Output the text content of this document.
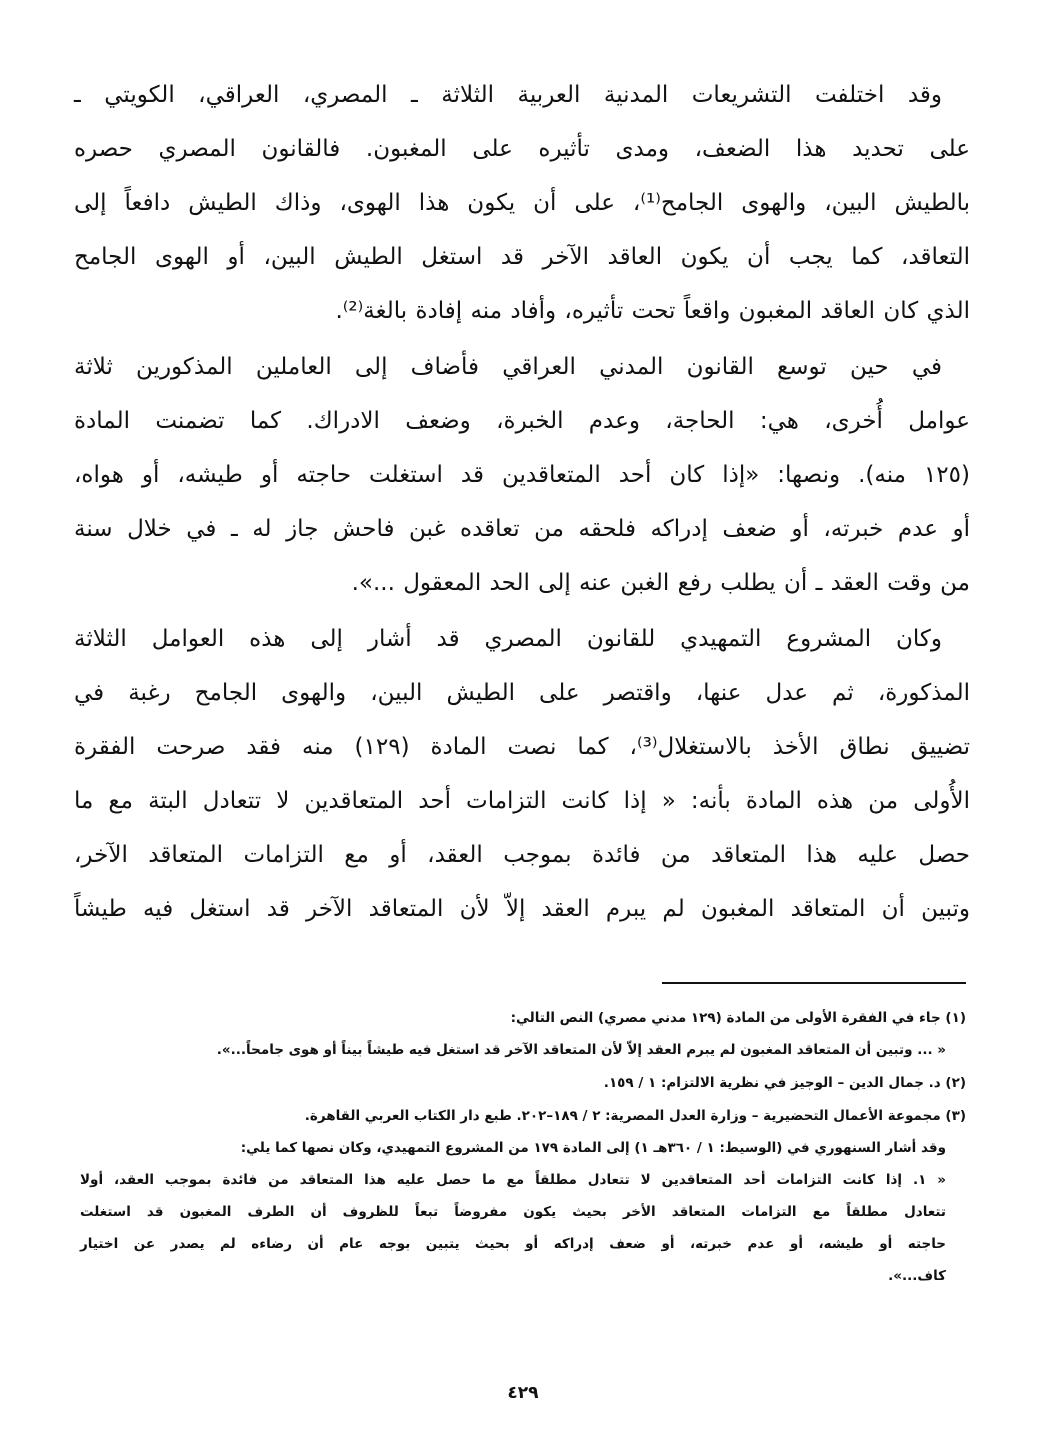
وقد اختلفت التشريعات المدنية العربية الثلاثة ـ المصري، العراقي، الكويتي ـ
على تحديد هذا الضعف، ومدى تأثيره على المغبون. فالقانون المصري حصره
بالطيش البين، والهوى الجامح⁽¹⁾، على أن يكون هذا الهوى، وذاك الطيش دافعاً إلى
التعاقد، كما يجب أن يكون العاقد الآخر قد استغل الطيش البين، أو الهوى الجامح
الذي كان العاقد المغبون واقعاً تحت تأثيره، وأفاد منه إفادة بالغة⁽²⁾.
في حين توسع القانون المدني العراقي فأضاف إلى العاملين المذكورين ثلاثة
عوامل أُخرى، هي: الحاجة، وعدم الخبرة، وضعف الادراك. كما تضمنت المادة
(١٢٥ منه). ونصها: «إذا كان أحد المتعاقدين قد استغلت حاجته أو طيشه، أو هواه،
أو عدم خبرته، أو ضعف إدراكه فلحقه من تعاقده غبن فاحش جاز له ـ في خلال سنة
من وقت العقد ـ أن يطلب رفع الغبن عنه إلى الحد المعقول ...».
وكان المشروع التمهيدي للقانون المصري قد أشار إلى هذه العوامل الثلاثة
المذكورة، ثم عدل عنها، واقتصر على الطيش البين، والهوى الجامح رغبة في
تضييق نطاق الأخذ بالاستغلال⁽³⁾، كما نصت المادة (١٢٩) منه فقد صرحت الفقرة
الأُولى من هذه المادة بأنه: « إذا كانت التزامات أحد المتعاقدين لا تتعادل البتة مع ما
حصل عليه هذا المتعاقد من فائدة بموجب العقد، أو مع التزامات المتعاقد الآخر،
وتبين أن المتعاقد المغبون لم يبرم العقد إلاّ لأن المتعاقد الآخر قد استغل فيه طيشاً
(١) جاء في الفقرة الأولى من المادة (١٢٩ مدني مصري) النص التالي:
« ... وتبين أن المتعاقد المغبون لم يبرم العقد إلاّ لأن المتعاقد الآخر قد استغل فيه طيشاً بيناً أو هوى جامحاً...».
(٢) د. جمال الدين – الوجيز في نظرية الالتزام: ١ / ١٥٩.
(٣) مجموعة الأعمال التحضيرية – وزارة العدل المصرية: ٢ / ١٨٩–٢٠٢. طبع دار الكتاب العربي القاهرة.
وقد أشار السنهوري في (الوسيط: ١ / ٣٦٠هـ ١) إلى المادة ١٧٩ من المشروع التمهيدي، وكان نصها كما يلي:
« ١. إذا كانت التزامات أحد المتعاقدين لا تتعادل مطلقاً مع ما حصل عليه هذا المتعاقد من فائدة بموجب العقد، أولا
تتعادل مطلقاً مع التزامات المتعاقد الأخر بحيث يكون مفروضاً تبعاً للظروف أن الطرف المغبون قد استغلت
حاجته أو طيشه، أو عدم خبرته، أو ضعف إدراكه أو بحيث يتبين بوجه عام أن رضاءه لم يصدر عن اختيار
كاف...».
٤٢٩
